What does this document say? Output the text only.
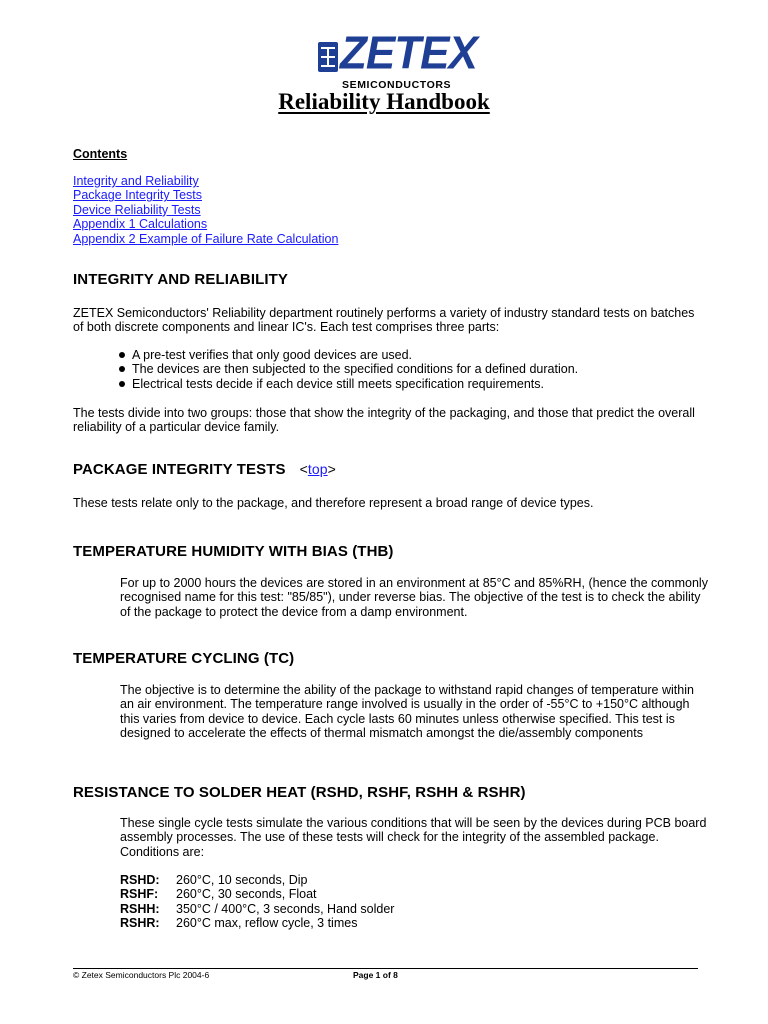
ZETEX
SEMICONDUCTORS
Reliability Handbook
Contents
Integrity and Reliability
Package Integrity Tests
Device Reliability Tests
Appendix 1 Calculations
Appendix 2 Example of Failure Rate Calculation
INTEGRITY AND RELIABILITY

ZETEX Semiconductors' Reliability department routinely performs a variety of industry standard tests on batches of both discrete components and linear IC's. Each test comprises three parts:

A pre-test verifies that only good devices are used.
The devices are then subjected to the specified conditions for a defined duration.
Electrical tests decide if each device still meets specification requirements.

The tests divide into two groups: those that show the integrity of the packaging, and those that predict the overall reliability of a particular device family.

PACKAGE INTEGRITY TESTS <top>

These tests relate only to the package, and therefore represent a broad range of device types.

TEMPERATURE HUMIDITY WITH BIAS (THB)

For up to 2000 hours the devices are stored in an environment at 85°C and 85%RH, (hence the commonly recognised name for this test: "85/85"), under reverse bias. The objective of the test is to check the ability of the package to protect the device from a damp environment.

TEMPERATURE CYCLING (TC)

The objective is to determine the ability of the package to withstand rapid changes of temperature within an air environment. The temperature range involved is usually in the order of -55°C to +150°C although this varies from device to device. Each cycle lasts 60 minutes unless otherwise specified. This test is designed to accelerate the effects of thermal mismatch amongst the die/assembly components

RESISTANCE TO SOLDER HEAT (RSHD, RSHF, RSHH & RSHR)

These single cycle tests simulate the various conditions that will be seen by the devices during PCB board assembly processes. The use of these tests will check for the integrity of the assembled package. Conditions are:

RSHD:	260°C, 10 seconds, Dip
RSHF:	260°C, 30 seconds, Float
RSHH:	350°C / 400°C, 3 seconds, Hand solder
RSHR:	260°C max, reflow cycle, 3 times
© Zetex Semiconductors Plc 2004-6	Page 1 of 8
